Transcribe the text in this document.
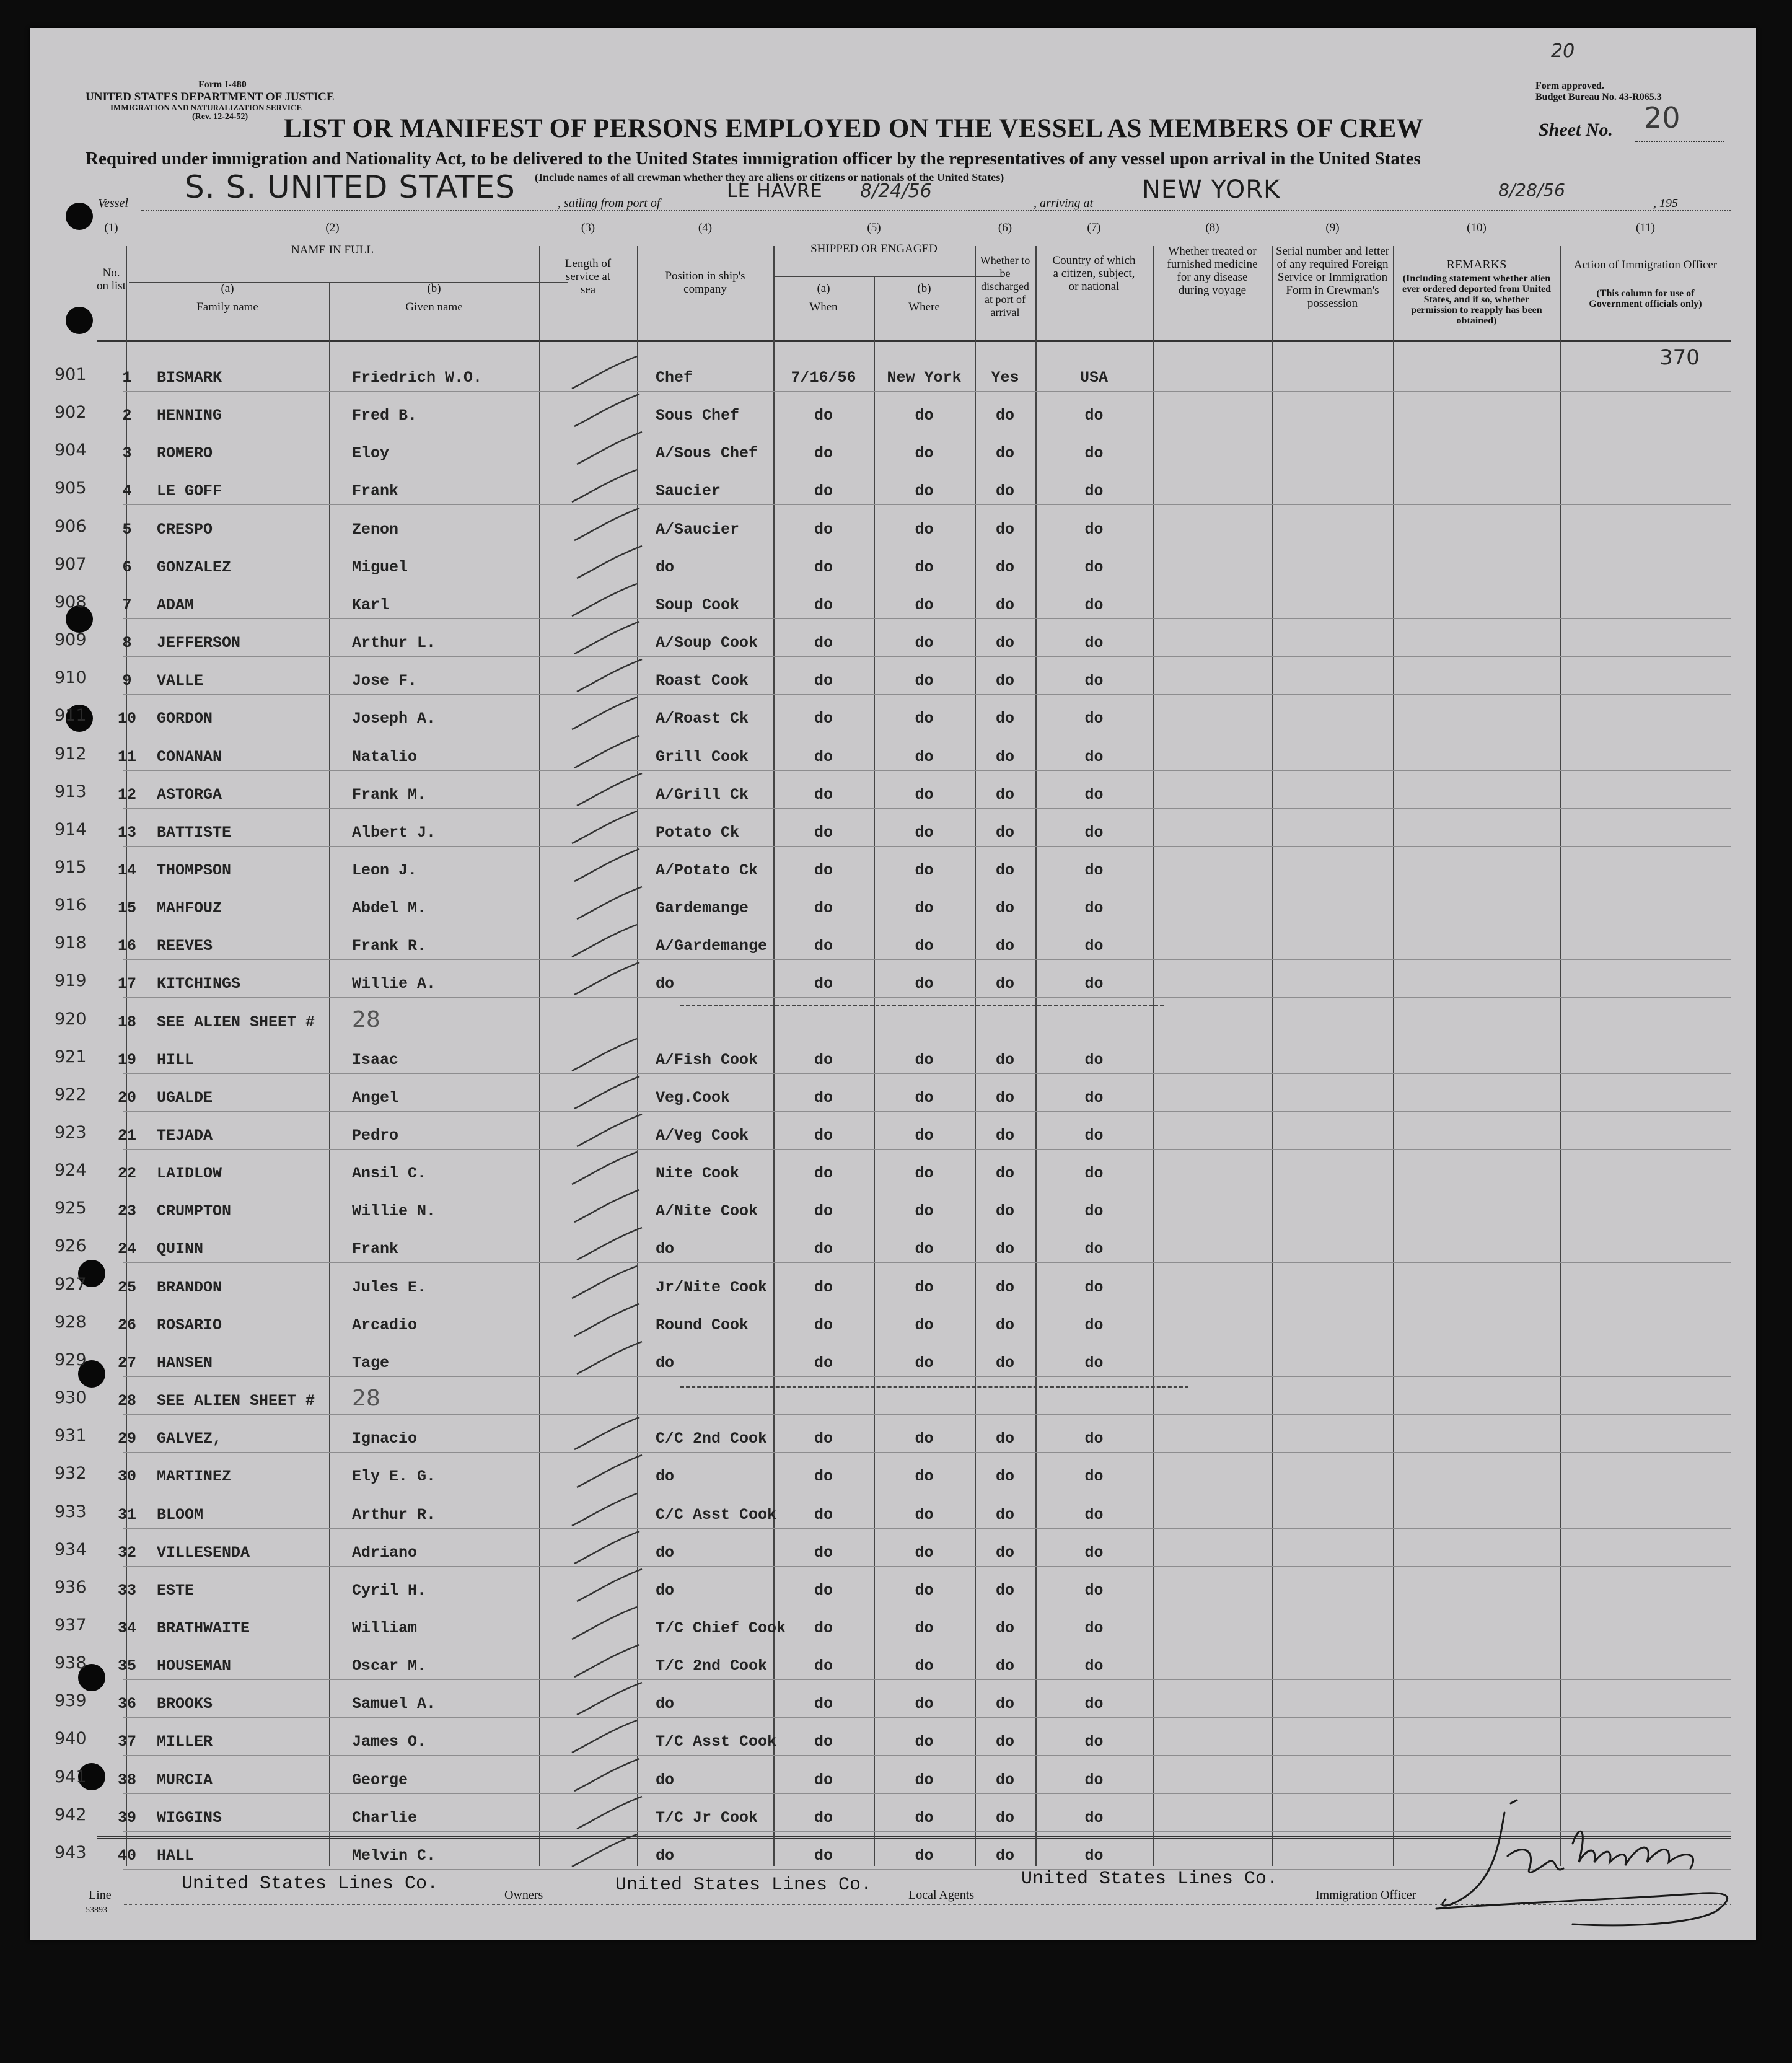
Form I-480
UNITED STATES DEPARTMENT OF JUSTICE
IMMIGRATION AND NATURALIZATION SERVICE
(Rev. 12-24-52)
20
Form approved.
Budget Bureau No. 43-R065.3
LIST OR MANIFEST OF PERSONS EMPLOYED ON THE VESSEL AS MEMBERS OF CREW	Sheet No. 20
Required under immigration and Nationality Act, to be delivered to the United States immigration officer by the representatives of any vessel upon arrival in the United States
(Include names of all crewman whether they are aliens or citizens or nationals of the United States)
Vessel S. S. UNITED STATES	, sailing from port of
LE HAVRE 8/24/56
, arriving at NEW YORK	8/28/56
, 195
(1)
No. on list
(2)
NAME IN FULL
(a)
Family name
(b)
Given name
(3)
Length of service at sea
(4)
Position in ship's company
(5)
SHIPPED OR ENGAGED
(a)
When
(b)
Where
(6)
Whether to be discharged at port of arrival
(7)
Country of which a citizen, subject, or national
(8)
Whether treated or furnished medicine for any disease during voyage
(9)
Serial number and letter of any required Foreign Service or Immigration Form in Crewman's possession
(10)
REMARKS
(Including statement whether alien ever ordered deported from United States, and if so, whether permission to reapply has been obtained)
(11)
Action of Immigration Officer
(This column for use of Government officials only)
370
901	1	BISMARK	Friedrich W.O.	Chef	7/16/56	New York	Yes	USA
902	2	HENNING	Fred B.	Sous Chef	do	do	do	do
904	3	ROMERO	Eloy	A/Sous Chef	do	do	do	do
905	4	LE GOFF	Frank	Saucier	do	do	do	do
906	5	CRESPO	Zenon	A/Saucier	do	do	do	do
907	6	GONZALEZ	Miguel	do	do	do	do	do
908	7	ADAM	Karl	Soup Cook	do	do	do	do
909	8	JEFFERSON	Arthur L.	A/Soup Cook	do	do	do	do
910	9	VALLE	Jose F.	Roast Cook	do	do	do	do
911	10	GORDON	Joseph A.	A/Roast Ck	do	do	do	do
912	11	CONANAN	Natalio	Grill Cook	do	do	do	do
913	12	ASTORGA	Frank M.	A/Grill Ck	do	do	do	do
914	13	BATTISTE	Albert J.	Potato Ck	do	do	do	do
915	14	THOMPSON	Leon J.	A/Potato Ck	do	do	do	do
916	15	MAHFOUZ	Abdel M.	Gardemange	do	do	do	do
918	16	REEVES	Frank R.	A/Gardemange	do	do	do	do
919	17	KITCHINGS	Willie A.	do	do	do	do	do
920	18	SEE ALIEN SHEET #	28
921	19	HILL	Isaac	A/Fish Cook	do	do	do	do
922	20	UGALDE	Angel	Veg.Cook	do	do	do	do
923	21	TEJADA	Pedro	A/Veg Cook	do	do	do	do
924	22	LAIDLOW	Ansil C.	Nite Cook	do	do	do	do
925	23	CRUMPTON	Willie N.	A/Nite Cook	do	do	do	do
926	24	QUINN	Frank	do	do	do	do	do
927	25	BRANDON	Jules E.	Jr/Nite Cook	do	do	do	do
928	26	ROSARIO	Arcadio	Round Cook	do	do	do	do
929	27	HANSEN	Tage	do	do	do	do	do
930	28	SEE ALIEN SHEET #	28
931	29	GALVEZ,	Ignacio	C/C 2nd Cook	do	do	do	do
932	30	MARTINEZ	Ely E. G.	do	do	do	do	do
933	31	BLOOM	Arthur R.	C/C Asst Cook	do	do	do	do
934	32	VILLESENDA	Adriano	do	do	do	do	do
936	33	ESTE	Cyril H.	do	do	do	do	do
937	34	BRATHWAITE	William	T/C Chief Cook	do	do	do	do
938	35	HOUSEMAN	Oscar M.	T/C 2nd Cook	do	do	do	do
939	36	BROOKS	Samuel A.	do	do	do	do	do
940	37	MILLER	James O.	T/C Asst Cook	do	do	do	do
941	38	MURCIA	George	do	do	do	do	do
942	39	WIGGINS	Charlie	T/C Jr Cook	do	do	do	do
943	40	HALL	Melvin C.	do	do	do	do	do
Line
United States Lines Co.
Owners	United States Lines Co.	Local Agents
United States Lines Co.
Immigration Officer
53893
